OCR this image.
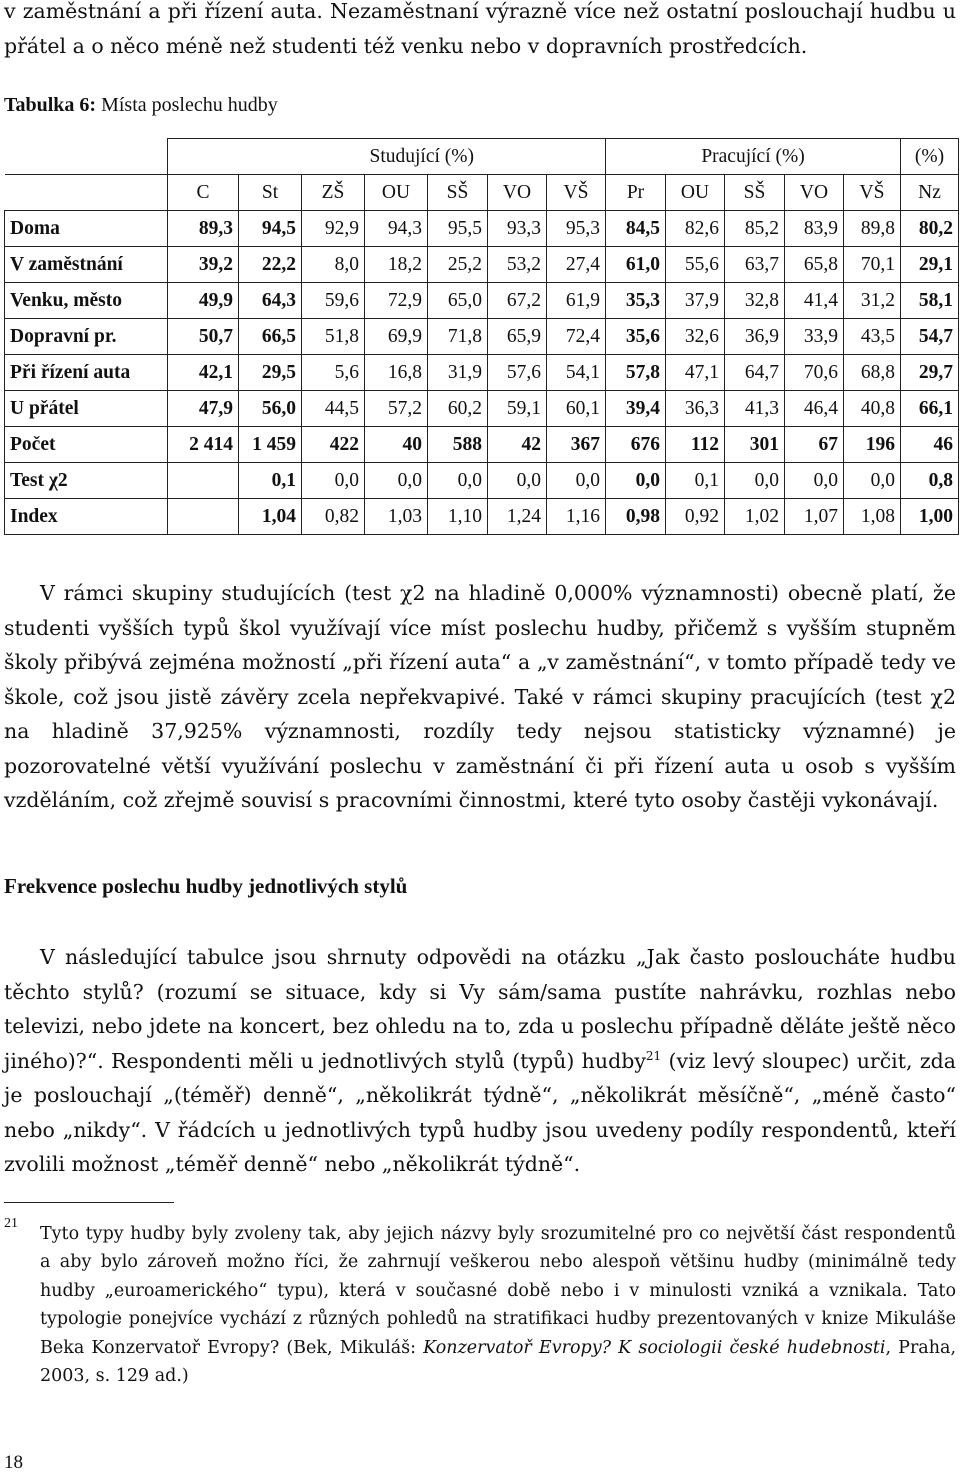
v zaměstnání a při řízení auta. Nezaměstnaní výrazně více než ostatní poslouchají hudbu u přátel a o něco méně než studenti též venku nebo v dopravních prostředcích.
Tabulka 6: Místa poslechu hudby
		Studující (%)						Pracující (%)					(%)
	C	St	ZŠ	OU	SŠ	VO	VŠ	Pr	OU	SŠ	VO	VŠ	Nz
Doma	89,3	94,5	92,9	94,3	95,5	93,3	95,3	84,5	82,6	85,2	83,9	89,8	80,2
V zaměstnání	39,2	22,2	8,0	18,2	25,2	53,2	27,4	61,0	55,6	63,7	65,8	70,1	29,1
Venku, město	49,9	64,3	59,6	72,9	65,0	67,2	61,9	35,3	37,9	32,8	41,4	31,2	58,1
Dopravní pr.	50,7	66,5	51,8	69,9	71,8	65,9	72,4	35,6	32,6	36,9	33,9	43,5	54,7
Při řízení auta	42,1	29,5	5,6	16,8	31,9	57,6	54,1	57,8	47,1	64,7	70,6	68,8	29,7
U přátel	47,9	56,0	44,5	57,2	60,2	59,1	60,1	39,4	36,3	41,3	46,4	40,8	66,1
Počet	2 414	1 459	422	40	588	42	367	676	112	301	67	196	46
Test χ2		0,1	0,0	0,0	0,0	0,0	0,0	0,0	0,1	0,0	0,0	0,0	0,8
Index		1,04	0,82	1,03	1,10	1,24	1,16	0,98	0,92	1,02	1,07	1,08	1,00
V rámci skupiny studujících (test χ2 na hladině 0,000% významnosti) obecně platí, že studenti vyšších typů škol využívají více míst poslechu hudby, přičemž s vyšším stupněm školy přibývá zejména možností „při řízení auta“ a „v zaměstnání“, v tomto případě tedy ve škole, což jsou jistě závěry zcela nepřekvapivé. Také v rámci skupiny pracujících (test χ2 na hladině 37,925% významnosti, rozdíly tedy nejsou statisticky významné) je pozorovatelné větší využívání poslechu v zaměstnání či při řízení auta u osob s vyšším vzděláním, což zřejmě souvisí s pracovními činnostmi, které tyto osoby častěji vykonávají.
Frekvence poslechu hudby jednotlivých stylů
V následující tabulce jsou shrnuty odpovědi na otázku „Jak často posloucháte hudbu těchto stylů? (rozumí se situace, kdy si Vy sám/sama pustíte nahrávku, rozhlas nebo televizi, nebo jdete na koncert, bez ohledu na to, zda u poslechu případně děláte ještě něco jiného)?“. Respondenti měli u jednotlivých stylů (typů) hudby$^{21}$ (viz levý sloupec) určit, zda je poslouchají „(téměř) denně“, „několikrát týdně“, „několikrát měsíčně“, „méně často“ nebo „nikdy“. V řádcích u jednotlivých typů hudby jsou uvedeny podíly respondentů, kteří zvolili možnost „téměř denně“ nebo „několikrát týdně“.
21
Tyto typy hudby byly zvoleny tak, aby jejich názvy byly srozumitelné pro co největší část respondentů a aby bylo zároveň možno říci, že zahrnují veškerou nebo alespoň většinu hudby (minimálně tedy hudby „euroamerického“ typu), která v současné době nebo i v minulosti vzniká a vznikala. Tato typologie ponejvíce vychází z různých pohledů na stratifikaci hudby prezentovaných v knize Mikuláše Beka Konzervatoř Evropy? (Bek, Mikuláš: Konzervatoř Evropy? K sociologii české hudebnosti, Praha, 2003, s. 129 ad.)
18
